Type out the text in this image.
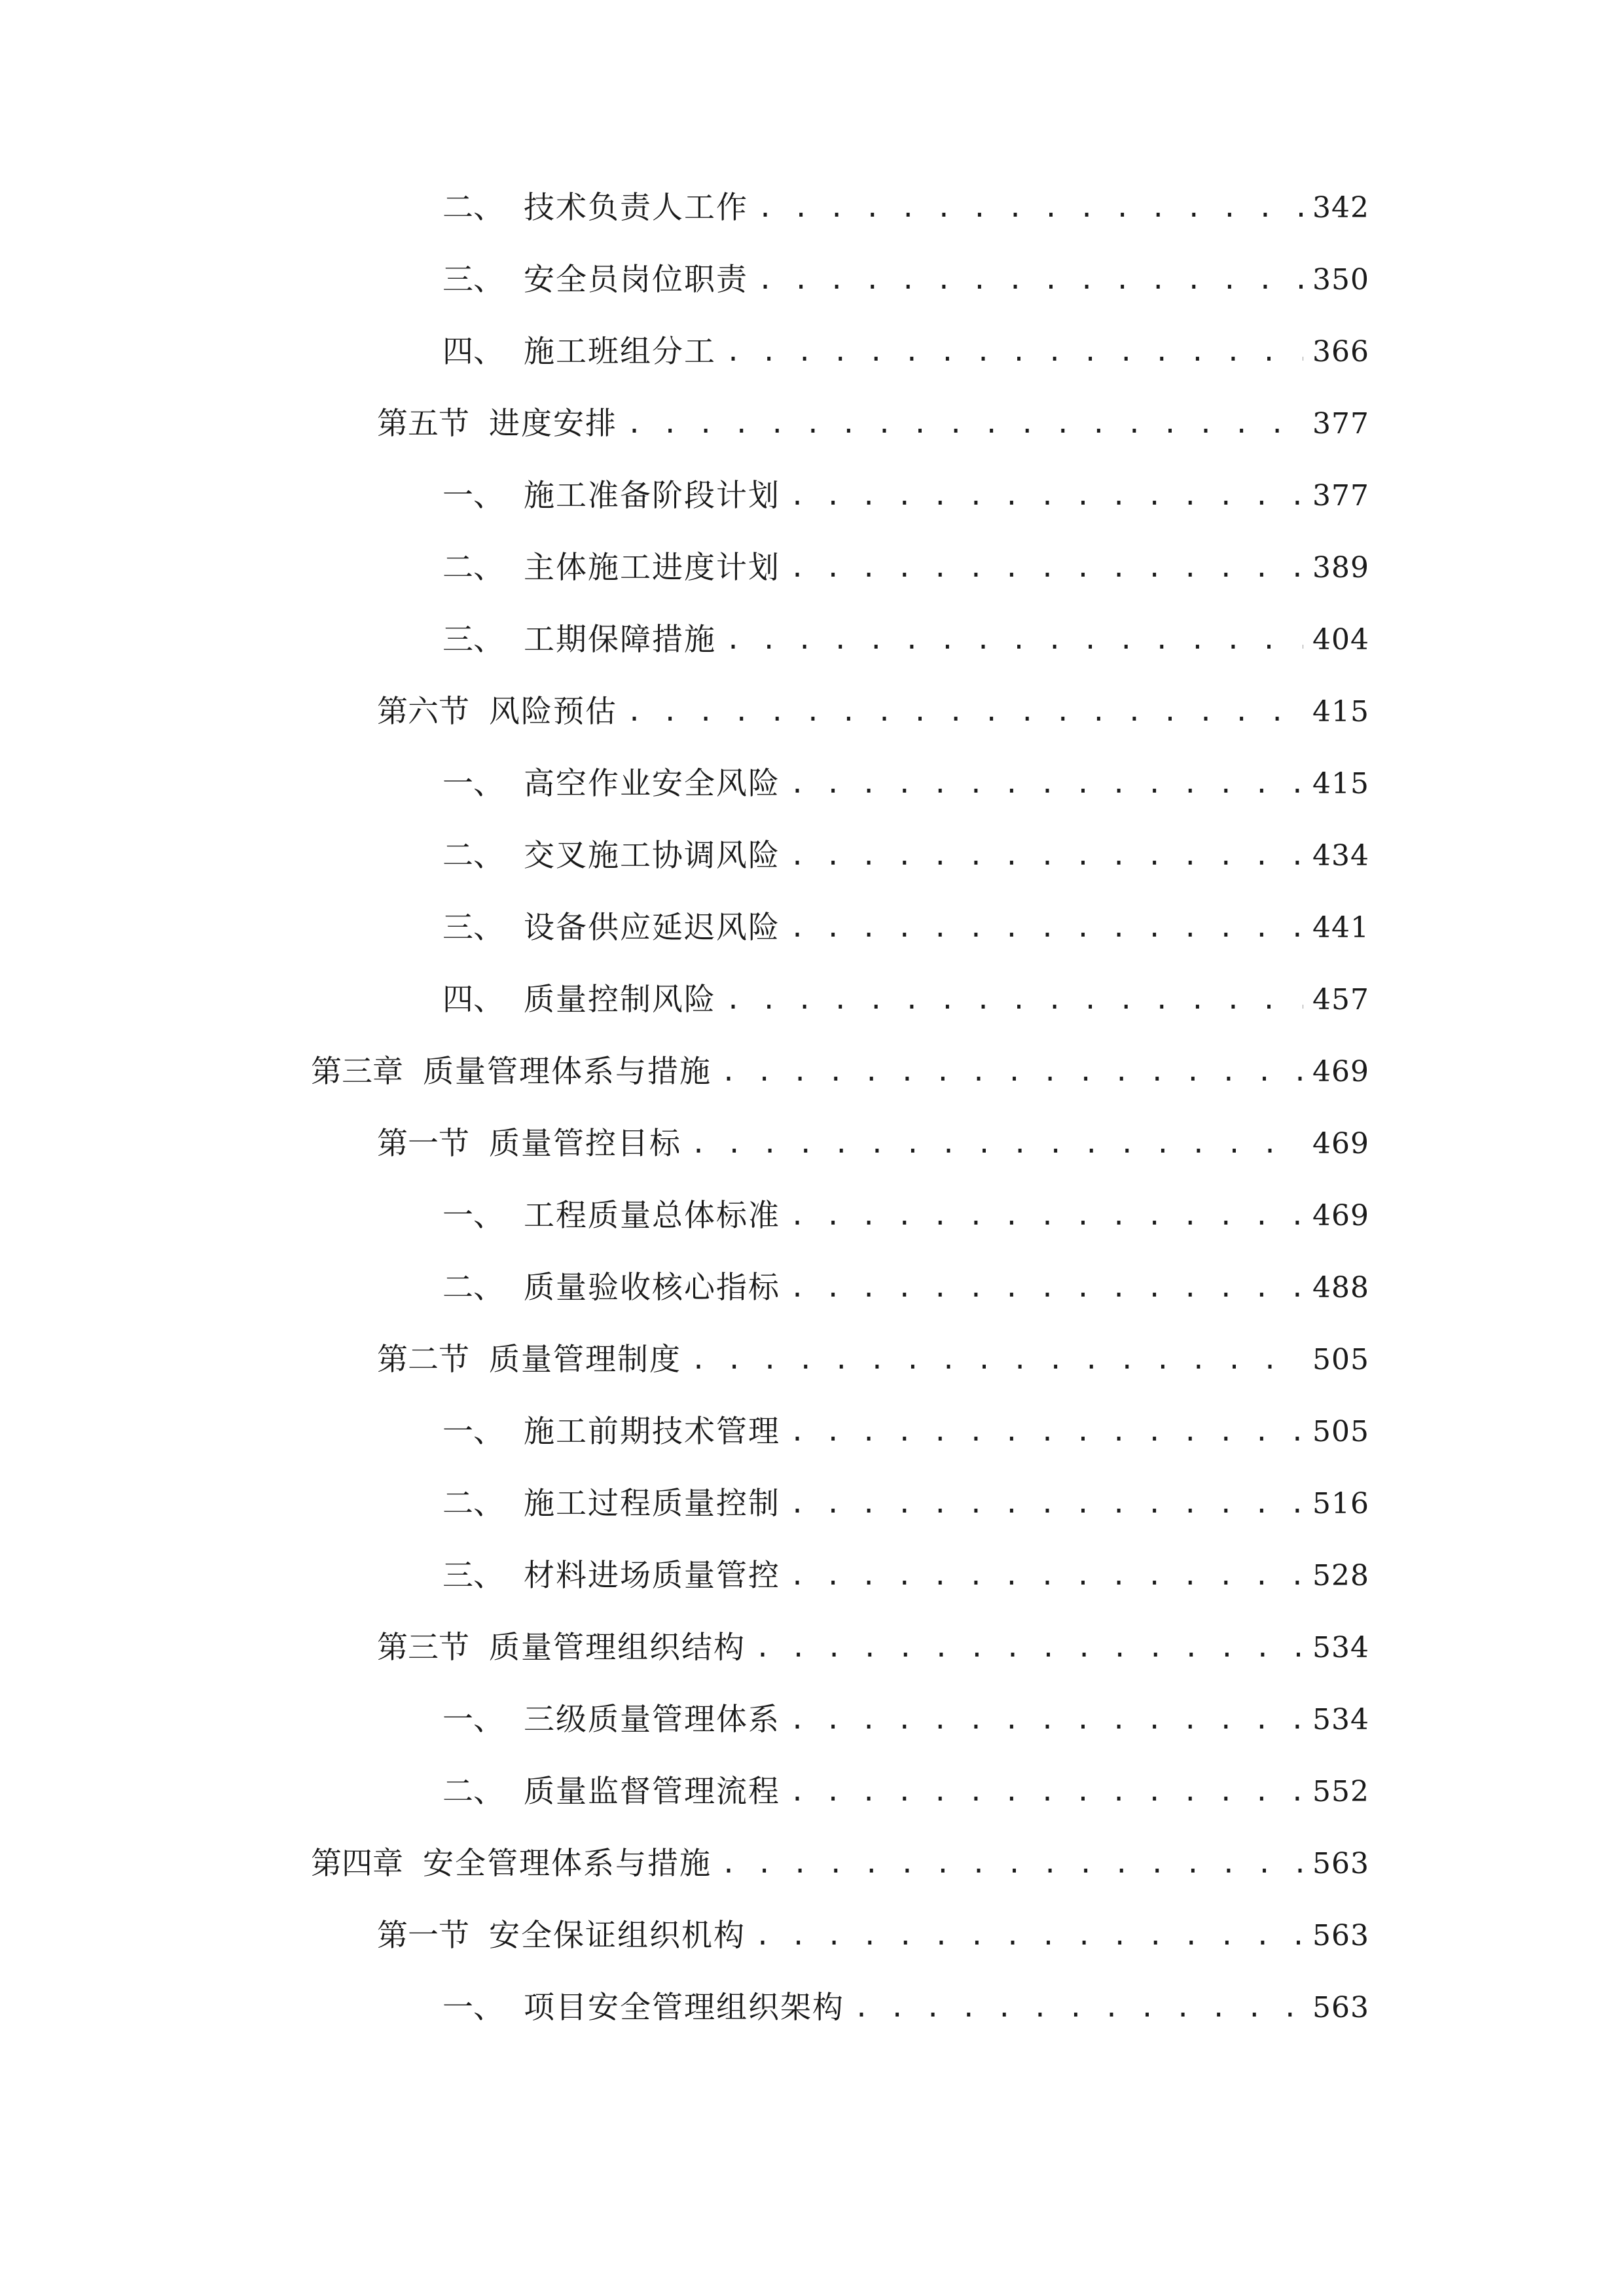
二、 技术负责人工作 . . .	342
三、 安全员岗位职责 . . .	350
四、 施工班组分工 . . .	366
第五节 进度安排 . . .	377
一、 施工准备阶段计划 . . .	377
二、 主体施工进度计划 . . .	389
三、 工期保障措施 . . .	404
第六节 风险预估 . . .	415
一、 高空作业安全风险 . . .	415
二、 交叉施工协调风险 . . .	434
三、 设备供应延迟风险 . . .	441
四、 质量控制风险 . . .	457
第三章 质量管理体系与措施 . . .	469
第一节 质量管控目标 . . .	469
一、 工程质量总体标准 . . .	469
二、 质量验收核心指标 . . .	488
第二节 质量管理制度 . . .	505
一、 施工前期技术管理 . . .	505
二、 施工过程质量控制 . . .	516
三、 材料进场质量管控 . . .	528
第三节 质量管理组织结构 . . .	534
一、 三级质量管理体系 . . .	534
二、 质量监督管理流程 . . .	552
第四章 安全管理体系与措施 . . .	563
第一节 安全保证组织机构 . . .	563
一、 项目安全管理组织架构 . . .	563
